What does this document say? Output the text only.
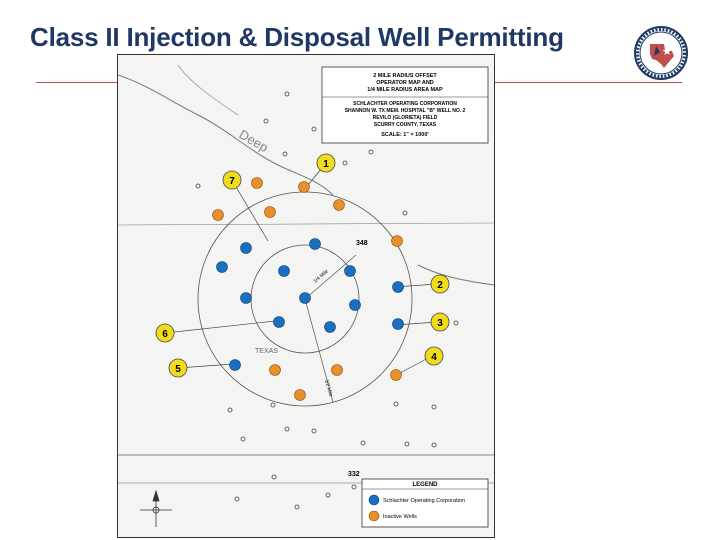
Class II Injection & Disposal Well Permitting
2 MILE RADIUS OFFSET
OPERATOR MAP AND
1/4 MILE RADIUS AREA MAP
SCHLACHTER OPERATING CORPORATION
SHANNON W. TX MEM. HOSPITAL "B" WELL NO. 2
REVILO (GLORIETA) FIELD
SCURRY COUNTY, TEXAS
SCALE: 1" = 1000'
Deep
TEXAS
348
332
1/4 Mile
1/2 Mile
1
2
3
4
5
6
7
LEGEND
Schlachter Operating Corporation
Inactive Wells
